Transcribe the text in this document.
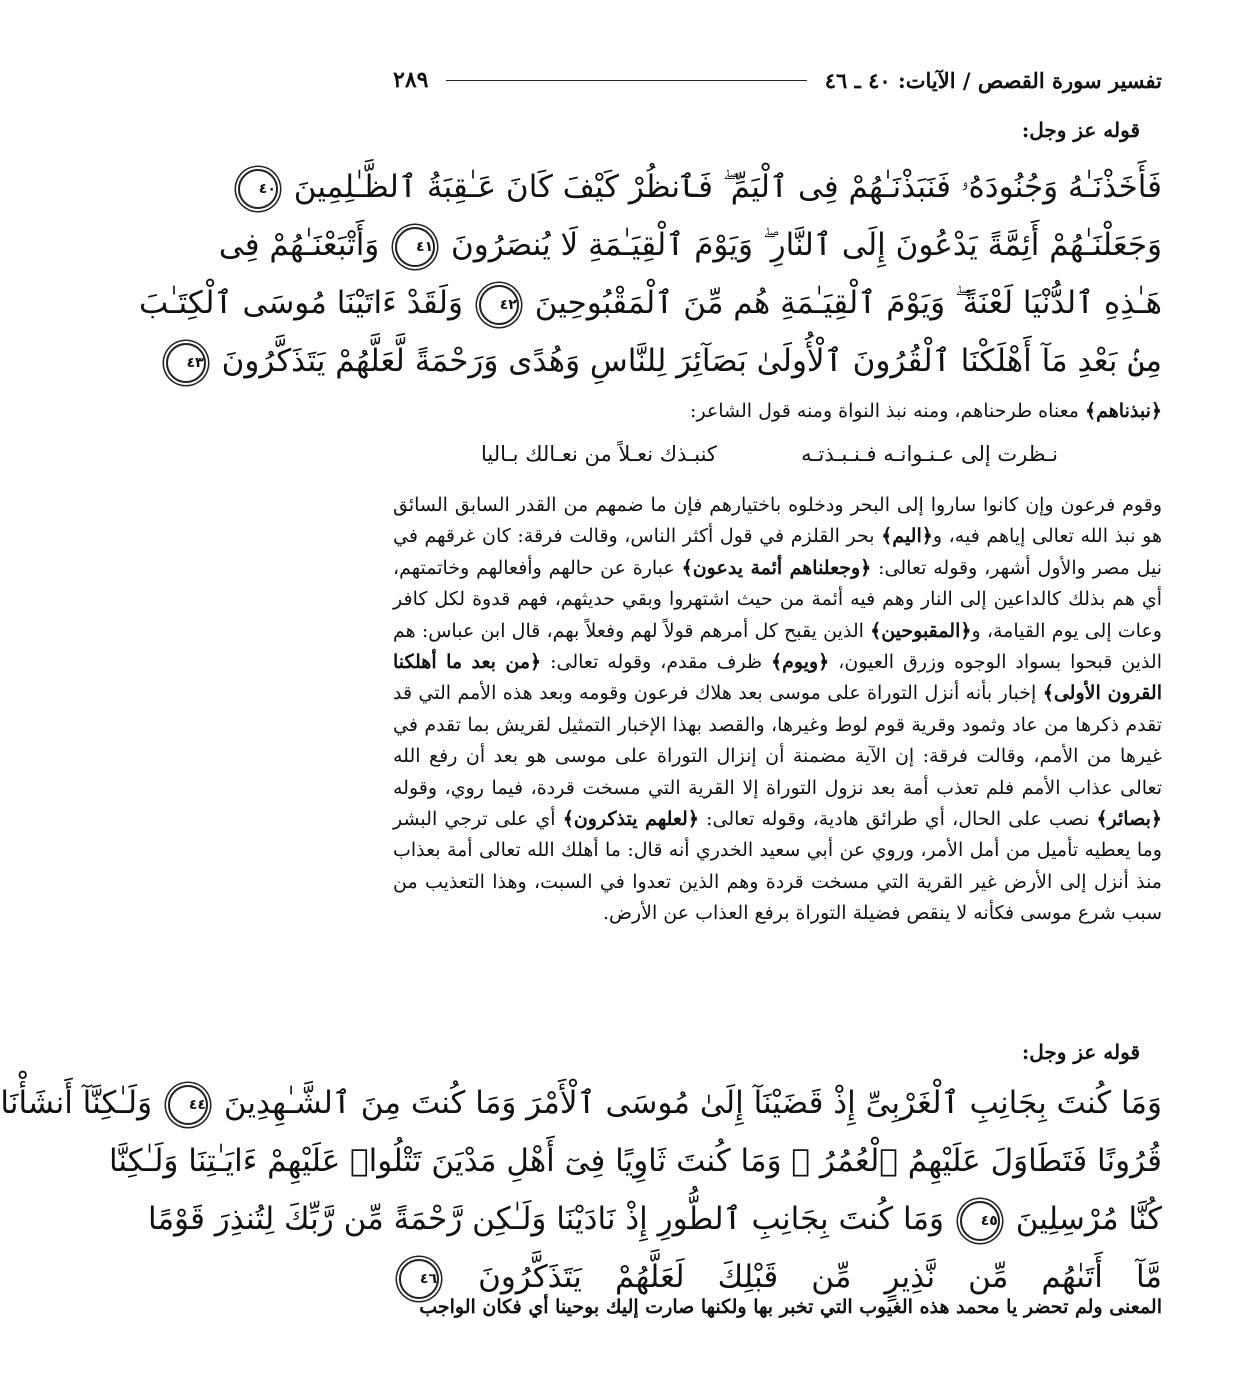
تفسير سورة القصص / الآيات: ٤٠ ـ ٤٦
٢٨٩
قوله عز وجل:
فَأَخَذْنَـٰهُ وَجُنُودَهُۥ فَنَبَذْنَـٰهُمْ فِى ٱلْيَمِّ ۖ فَٱنظُرْ كَيْفَ كَانَ عَـٰقِبَةُ ٱلظَّـٰلِمِينَ ٤٠
وَجَعَلْنَـٰهُمْ أَئِمَّةً يَدْعُونَ إِلَى ٱلنَّارِ ۖ وَيَوْمَ ٱلْقِيَـٰمَةِ لَا يُنصَرُونَ ٤١ وَأَتْبَعْنَـٰهُمْ فِى
هَـٰذِهِ ٱلدُّنْيَا لَعْنَةً ۖ وَيَوْمَ ٱلْقِيَـٰمَةِ هُم مِّنَ ٱلْمَقْبُوحِينَ ٤٢ وَلَقَدْ ءَاتَيْنَا مُوسَى ٱلْكِتَـٰبَ
مِنۢ بَعْدِ مَآ أَهْلَكْنَا ٱلْقُرُونَ ٱلْأُولَىٰ بَصَآئِرَ لِلنَّاسِ وَهُدًى وَرَحْمَةً لَّعَلَّهُمْ يَتَذَكَّرُونَ ٤٣
﴿نبذناهم﴾ معناه طرحناهم، ومنه نبذ النواة ومنه قول الشاعر:
نـظرت إلى عـنـوانـه فـنـبـذتـه
كنبـذك نعـلاً من نعـالك بـاليا
وقوم فرعون وإن كانوا ساروا إلى البحر ودخلوه باختيارهم فإن ما ضمهم من القدر السابق السائق هو نبذ الله تعالى إياهم فيه، و﴿اليم﴾ بحر القلزم في قول أكثر الناس، وقالت فرقة: كان غرقهم في نيل مصر والأول أشهر، وقوله تعالى: ﴿وجعلناهم أئمة يدعون﴾ عبارة عن حالهم وأفعالهم وخاتمتهم، أي هم بذلك كالداعين إلى النار وهم فيه أئمة من حيث اشتهروا وبقي حديثهم، فهم قدوة لكل كافر وعات إلى يوم القيامة، و﴿المقبوحين﴾ الذين يقبح كل أمرهم قولاً لهم وفعلاً بهم، قال ابن عباس: هم الذين قبحوا بسواد الوجوه وزرق العيون، ﴿ويوم﴾ ظرف مقدم، وقوله تعالى: ﴿من بعد ما أهلكنا القرون الأولى﴾ إخبار بأنه أنزل التوراة على موسى بعد هلاك فرعون وقومه وبعد هذه الأمم التي قد تقدم ذكرها من عاد وثمود وقرية قوم لوط وغيرها، والقصد بهذا الإخبار التمثيل لقريش بما تقدم في غيرها من الأمم، وقالت فرقة: إن الآية مضمنة أن إنزال التوراة على موسى هو بعد أن رفع الله تعالى عذاب الأمم فلم تعذب أمة بعد نزول التوراة إلا القرية التي مسخت قردة، فيما روي، وقوله ﴿بصائر﴾ نصب على الحال، أي طرائق هادية، وقوله تعالى: ﴿لعلهم يتذكرون﴾ أي على ترجي البشر وما يعطيه تأميل من أمل الأمر، وروي عن أبي سعيد الخدري أنه قال: ما أهلك الله تعالى أمة بعذاب منذ أنزل إلى الأرض غير القرية التي مسخت قردة وهم الذين تعدوا في السبت، وهذا التعذيب من سبب شرع موسى فكأنه لا ينقص فضيلة التوراة برفع العذاب عن الأرض.
قوله عز وجل:
وَمَا كُنتَ بِجَانِبِ ٱلْغَرْبِىِّ إِذْ قَضَيْنَآ إِلَىٰ مُوسَى ٱلْأَمْرَ وَمَا كُنتَ مِنَ ٱلشَّـٰهِدِينَ ٤٤ وَلَـٰكِنَّآ أَنشَأْنَا
قُرُونًا فَتَطَاوَلَ عَلَيْهِمُ ٱلْعُمُرُ ۚ وَمَا كُنتَ ثَاوِيًا فِىٓ أَهْلِ مَدْيَنَ تَتْلُوا۟ عَلَيْهِمْ ءَايَـٰتِنَا وَلَـٰكِنَّا
كُنَّا مُرْسِلِينَ ٤٥ وَمَا كُنتَ بِجَانِبِ ٱلطُّورِ إِذْ نَادَيْنَا وَلَـٰكِن رَّحْمَةً مِّن رَّبِّكَ لِتُنذِرَ قَوْمًا
مَّآ أَتَىٰهُم مِّن نَّذِيرٍ مِّن قَبْلِكَ لَعَلَّهُمْ يَتَذَكَّرُونَ ٤٦
المعنى ولم تحضر يا محمد هذه الغيوب التي تخبر بها ولكنها صارت إليك بوحينا أي فكان الواجب
